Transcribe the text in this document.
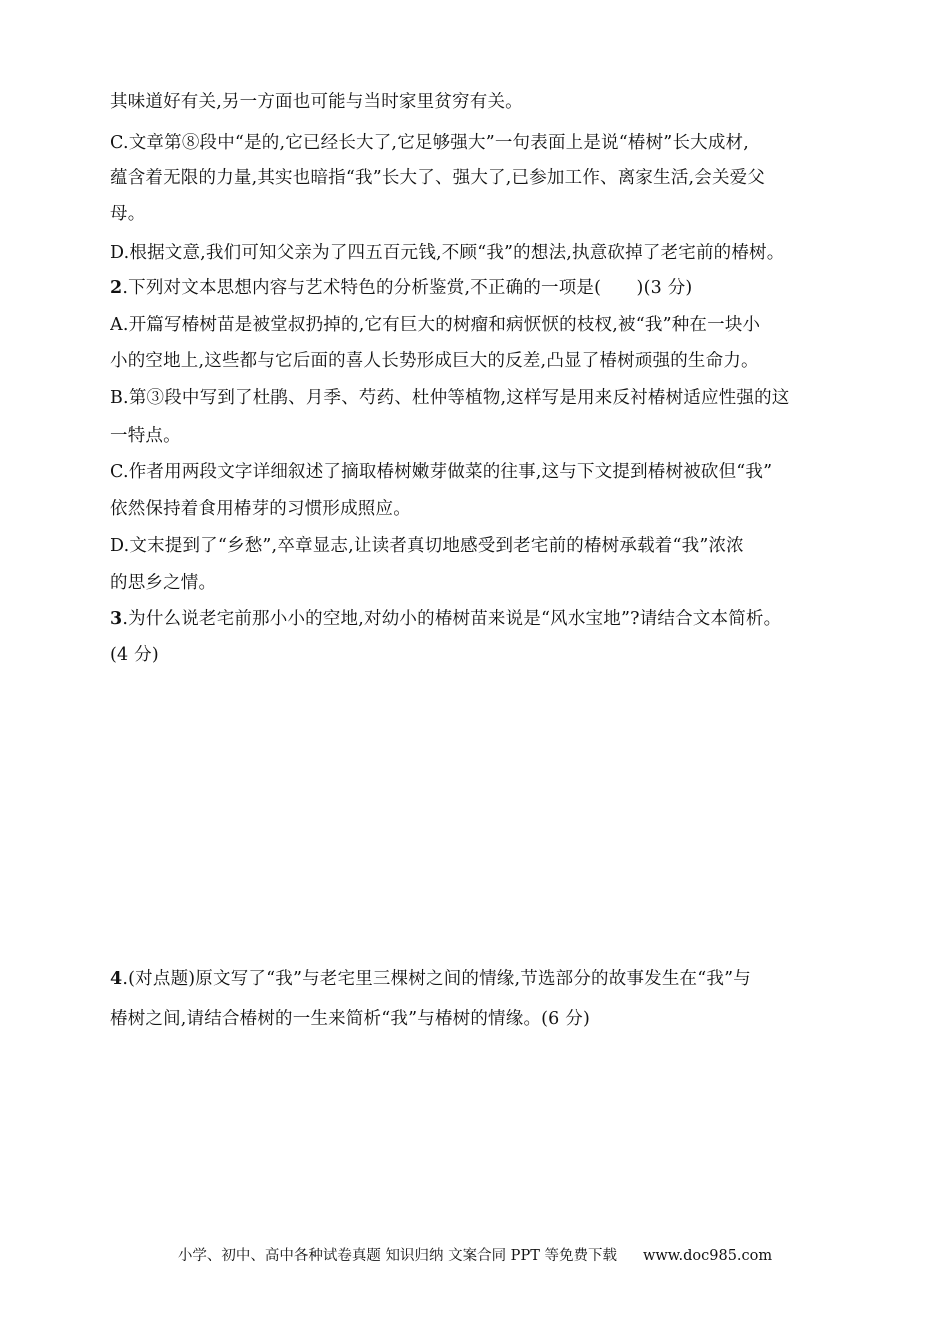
其味道好有关,另一方面也可能与当时家里贫穷有关。
C.文章第⑧段中“是的,它已经长大了,它足够强大”一句表面上是说“椿树”长大成材,
蕴含着无限的力量,其实也暗指“我”长大了、强大了,已参加工作、离家生活,会关爱父
母。
D.根据文意,我们可知父亲为了四五百元钱,不顾“我”的想法,执意砍掉了老宅前的椿树。
2.下列对文本思想内容与艺术特色的分析鉴赏,不正确的一项是(　　)(3 分)
A.开篇写椿树苗是被堂叔扔掉的,它有巨大的树瘤和病恹恹的枝杈,被“我”种在一块小
小的空地上,这些都与它后面的喜人长势形成巨大的反差,凸显了椿树顽强的生命力。
B.第③段中写到了杜鹃、月季、芍药、杜仲等植物,这样写是用来反衬椿树适应性强的这
一特点。
C.作者用两段文字详细叙述了摘取椿树嫩芽做菜的往事,这与下文提到椿树被砍但“我”
依然保持着食用椿芽的习惯形成照应。
D.文末提到了“乡愁”,卒章显志,让读者真切地感受到老宅前的椿树承载着“我”浓浓
的思乡之情。
3.为什么说老宅前那小小的空地,对幼小的椿树苗来说是“风水宝地”?请结合文本简析。
(4 分)
4.(对点题)原文写了“我”与老宅里三棵树之间的情缘,节选部分的故事发生在“我”与
椿树之间,请结合椿树的一生来简析“我”与椿树的情缘。(6 分)
小学、初中、高中各种试卷真题 知识归纳 文案合同 PPT 等免费下载 www.doc985.com
